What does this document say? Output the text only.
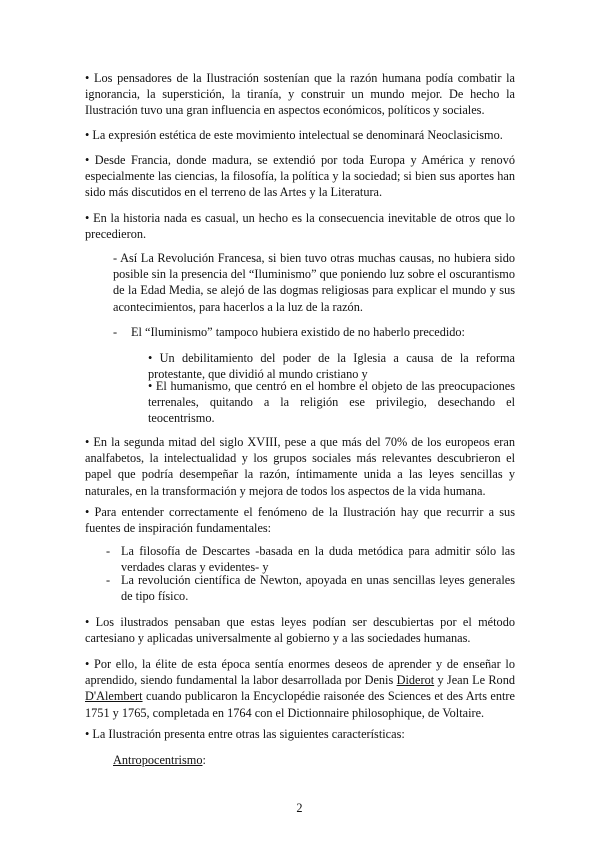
• Los pensadores de la Ilustración sostenían que la razón humana podía combatir la ignorancia, la superstición, la tiranía, y construir un mundo mejor. De hecho la Ilustración tuvo una gran influencia en aspectos económicos, políticos y sociales.

• La expresión estética de este movimiento intelectual se denominará Neoclasicismo.

• Desde Francia, donde madura, se extendió por toda Europa y América y renovó especialmente las ciencias, la filosofía, la política y la sociedad; si bien sus aportes han sido más discutidos en el terreno de las Artes y la Literatura.

• En la historia nada es casual, un hecho es la consecuencia inevitable de otros que lo precedieron.

- Así La Revolución Francesa, si bien tuvo otras muchas causas, no hubiera sido posible sin la presencia del “Iluminismo” que poniendo luz sobre el oscurantismo de la Edad Media, se alejó de las dogmas religiosas para explicar el mundo y sus acontecimientos, para hacerlos a la luz de la razón.

- El “Iluminismo” tampoco hubiera existido de no haberlo precedido:

• Un debilitamiento del poder de la Iglesia a causa de la reforma protestante, que dividió al mundo cristiano y

• El humanismo, que centró en el hombre el objeto de las preocupaciones terrenales, quitando a la religión ese privilegio, desechando el teocentrismo.

• En la segunda mitad del siglo XVIII, pese a que más del 70% de los europeos eran analfabetos, la intelectualidad y los grupos sociales más relevantes descubrieron el papel que podría desempeñar la razón, íntimamente unida a las leyes sencillas y naturales, en la transformación y mejora de todos los aspectos de la vida humana.

• Para entender correctamente el fenómeno de la Ilustración hay que recurrir a sus fuentes de inspiración fundamentales:

- La filosofía de Descartes -basada en la duda metódica para admitir sólo las verdades claras y evidentes- y
- La revolución científica de Newton, apoyada en unas sencillas leyes generales de tipo físico.

• Los ilustrados pensaban que estas leyes podían ser descubiertas por el método cartesiano y aplicadas universalmente al gobierno y a las sociedades humanas.

• Por ello, la élite de esta época sentía enormes deseos de aprender y de enseñar lo aprendido, siendo fundamental la labor desarrollada por Denis Diderot y Jean Le Rond D'Alembert cuando publicaron la Encyclopédie raisonée des Sciences et des Arts entre 1751 y 1765, completada en 1764 con el Dictionnaire philosophique, de Voltaire.

• La Ilustración presenta entre otras las siguientes características:

Antropocentrismo:

2
